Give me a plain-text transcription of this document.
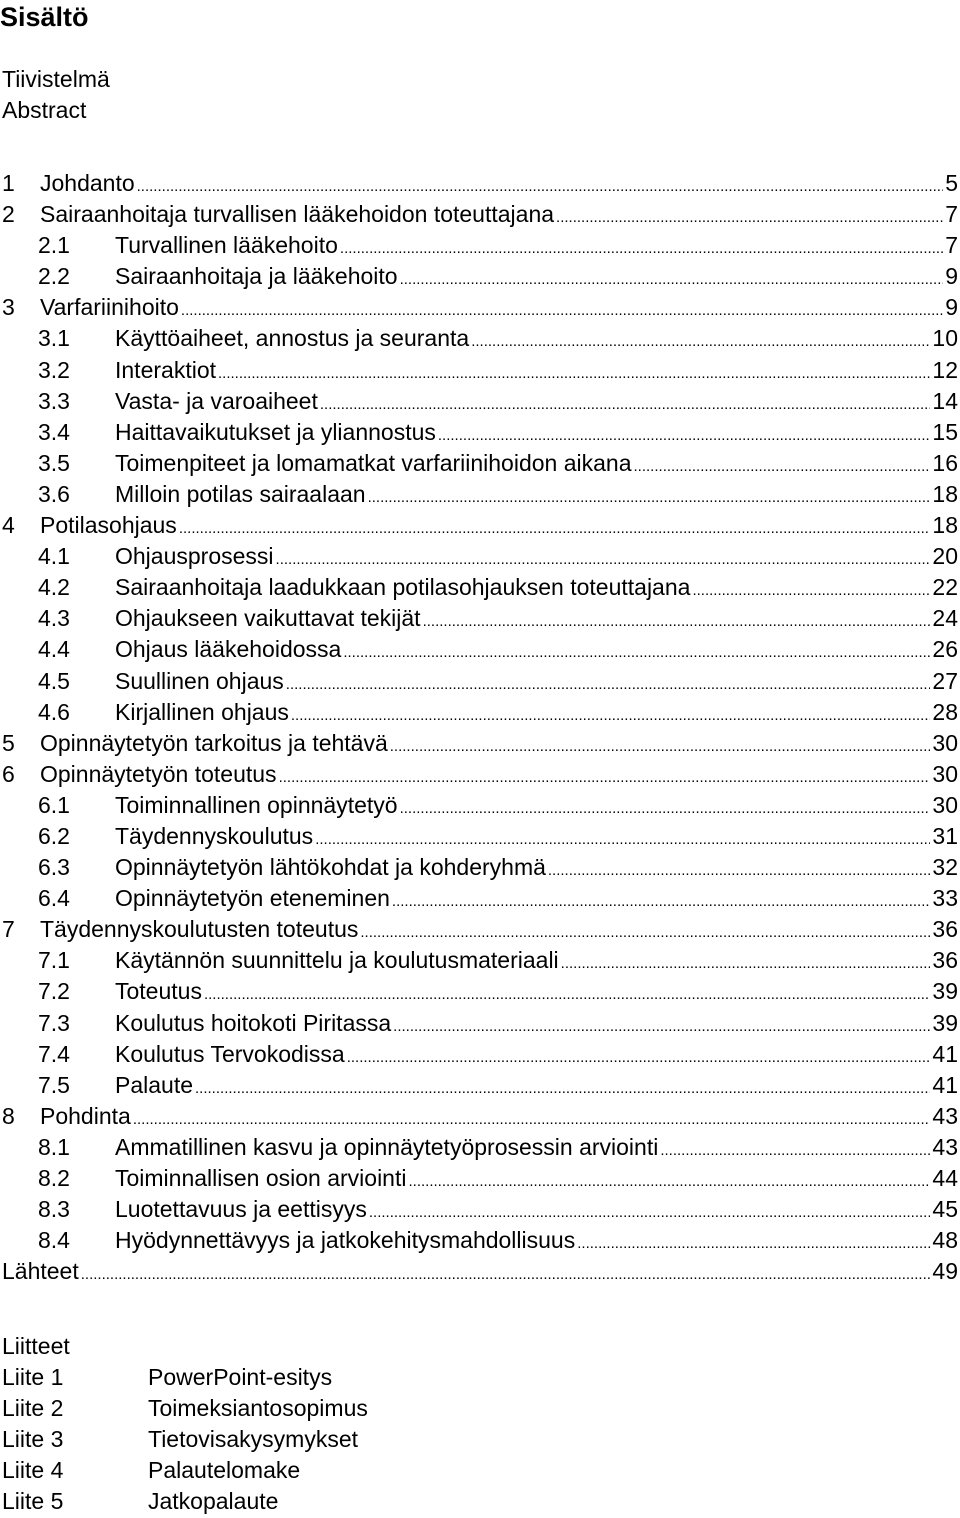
Sisältö
Tiivistelmä
Abstract
1	Johdanto .....	5
2	Sairaanhoitaja turvallisen lääkehoidon toteuttajana .....	7
2.1	Turvallinen lääkehoito .....	7
2.2	Sairaanhoitaja ja lääkehoito .....	9
3	Varfariinihoito .....	9
3.1	Käyttöaiheet, annostus ja seuranta .....	10
3.2	Interaktiot .....	12
3.3	Vasta- ja varoaiheet .....	14
3.4	Haittavaikutukset ja yliannostus .....	15
3.5	Toimenpiteet ja lomamatkat varfariinihoidon aikana .....	16
3.6	Milloin potilas sairaalaan .....	18
4	Potilasohjaus .....	18
4.1	Ohjausprosessi .....	20
4.2	Sairaanhoitaja laadukkaan potilasohjauksen toteuttajana .....	22
4.3	Ohjaukseen vaikuttavat tekijät .....	24
4.4	Ohjaus lääkehoidossa .....	26
4.5	Suullinen ohjaus .....	27
4.6	Kirjallinen ohjaus .....	28
5	Opinnäytetyön tarkoitus ja tehtävä .....	30
6	Opinnäytetyön toteutus .....	30
6.1	Toiminnallinen opinnäytetyö .....	30
6.2	Täydennyskoulutus .....	31
6.3	Opinnäytetyön lähtökohdat ja kohderyhmä .....	32
6.4	Opinnäytetyön eteneminen .....	33
7	Täydennyskoulutusten toteutus .....	36
7.1	Käytännön suunnittelu ja koulutusmateriaali .....	36
7.2	Toteutus .....	39
7.3	Koulutus hoitokoti Piritassa .....	39
7.4	Koulutus Tervokodissa .....	41
7.5	Palaute .....	41
8	Pohdinta .....	43
8.1	Ammatillinen kasvu ja opinnäytetyöprosessin arviointi .....	43
8.2	Toiminnallisen osion arviointi .....	44
8.3	Luotettavuus ja eettisyys .....	45
8.4	Hyödynnettävyys ja jatkokehitysmahdollisuus .....	48
Lähteet .....	49
Liitteet
Liite 1	PowerPoint-esitys
Liite 2	Toimeksiantosopimus
Liite 3	Tietovisakysymykset
Liite 4	Palautelomake
Liite 5	Jatkopalaute
